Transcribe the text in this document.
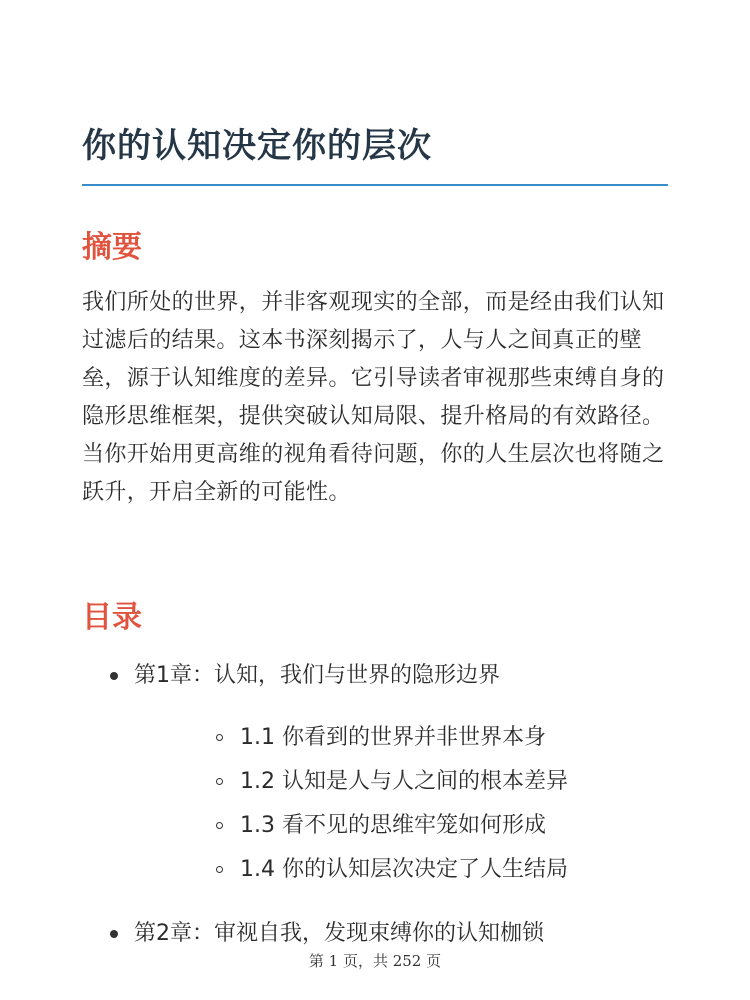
你的认知决定你的层次
摘要

我们所处的世界，并非客观现实的全部，而是经由我们认知过滤后的结果。这本书深刻揭示了，人与人之间真正的壁垒，源于认知维度的差异。它引导读者审视那些束缚自身的隐形思维框架，提供突破认知局限、提升格局的有效路径。当你开始用更高维的视角看待问题，你的人生层次也将随之跃升，开启全新的可能性。

目录
第1章：认知，我们与世界的隐形边界
1.1 你看到的世界并非世界本身
1.2 认知是人与人之间的根本差异
1.3 看不见的思维牢笼如何形成
1.4 你的认知层次决定了人生结局
第2章：审视自我，发现束缚你的认知枷锁
第 1 页，共 252 页
